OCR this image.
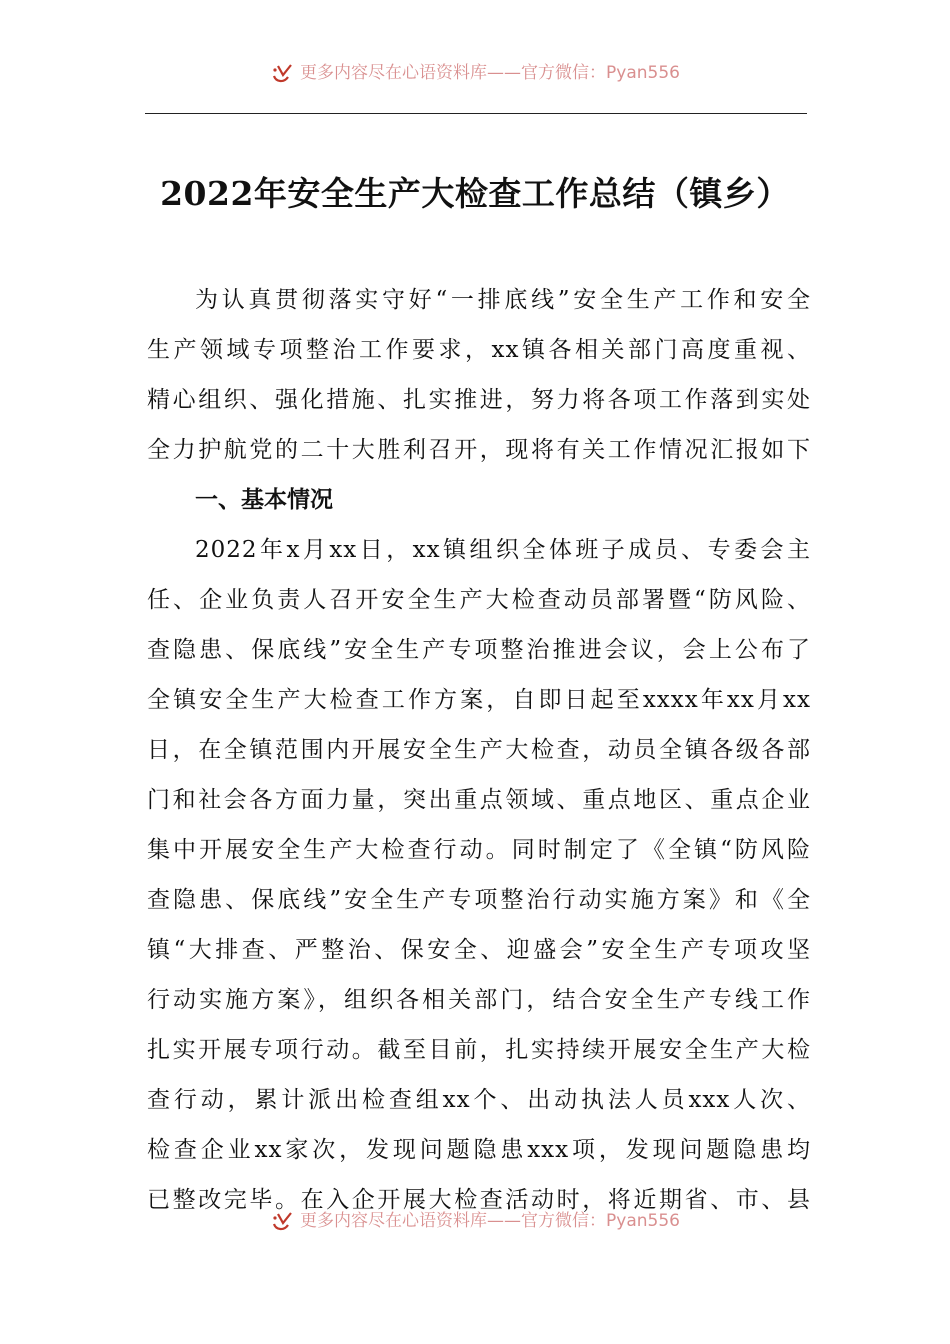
更多内容尽在心语资料库——官方微信：Pyan556
2022年安全生产大检查工作总结（镇乡）
为认真贯彻落实守好“一排底线”安全生产工作和安全
生产领域专项整治工作要求，xx镇各相关部门高度重视、
精心组织、强化措施、扎实推进，努力将各项工作落到实处
全力护航党的二十大胜利召开，现将有关工作情况汇报如下
一、基本情况
2022年x月xx日，xx镇组织全体班子成员、专委会主
任、企业负责人召开安全生产大检查动员部署暨“防风险、
查隐患、保底线”安全生产专项整治推进会议，会上公布了
全镇安全生产大检查工作方案，自即日起至xxxx年xx月xx
日，在全镇范围内开展安全生产大检查，动员全镇各级各部
门和社会各方面力量，突出重点领域、重点地区、重点企业
集中开展安全生产大检查行动。同时制定了《全镇“防风险
查隐患、保底线”安全生产专项整治行动实施方案》和《全
镇“大排查、严整治、保安全、迎盛会”安全生产专项攻坚
行动实施方案》，组织各相关部门，结合安全生产专线工作
扎实开展专项行动。截至目前，扎实持续开展安全生产大检
查行动，累计派出检查组xx个、出动执法人员xxx人次、
检查企业xx家次，发现问题隐患xxx项，发现问题隐患均
已整改完毕。在入企开展大检查活动时，将近期省、市、县
更多内容尽在心语资料库——官方微信：Pyan556
